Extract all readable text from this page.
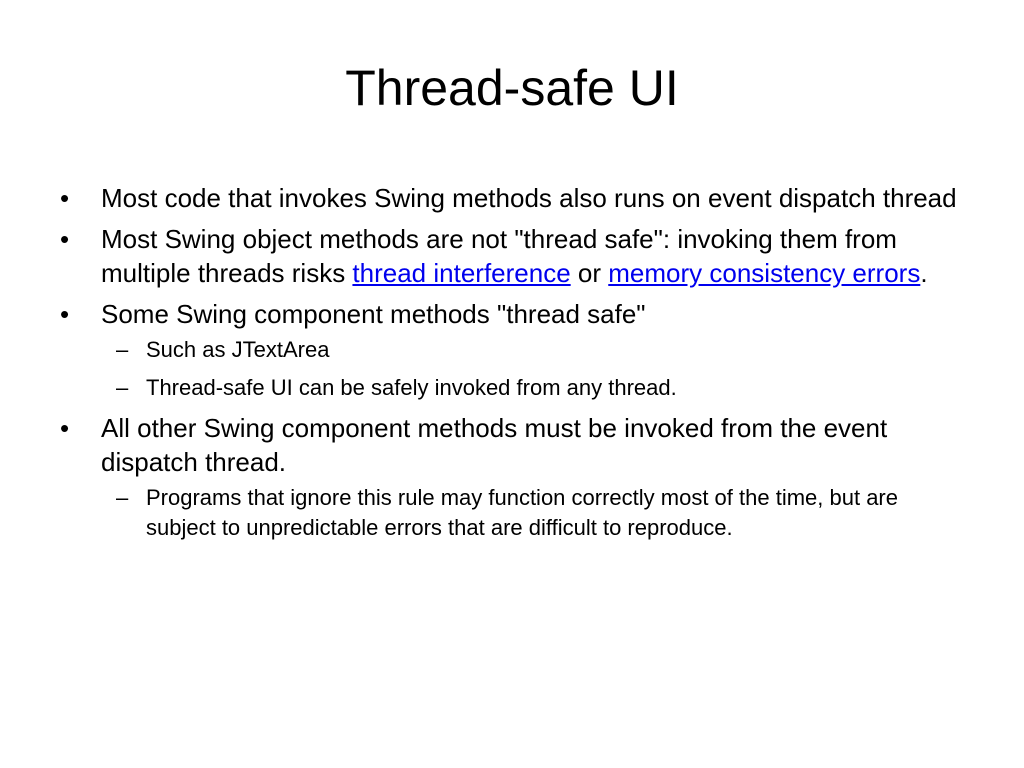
Thread-safe UI
•	Most code that invokes Swing methods also runs on event dispatch thread
•	Most Swing object methods are not "thread safe": invoking them from multiple threads risks thread interference or memory consistency errors.
•	Some Swing component methods "thread safe"
– Such as JTextArea
– Thread-safe UI can be safely invoked from any thread.
•	All other Swing component methods must be invoked from the event dispatch thread.
– Programs that ignore this rule may function correctly most of the time, but are subject to unpredictable errors that are difficult to reproduce.
